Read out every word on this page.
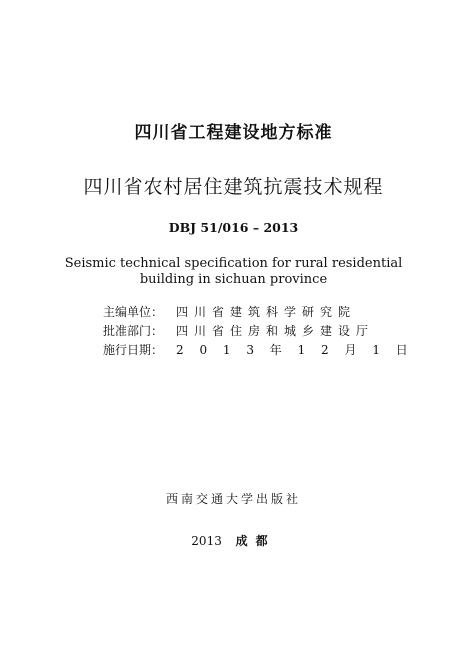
四川省工程建设地方标准
四川省农村居住建筑抗震技术规程
DBJ 51/016 – 2013
Seismic technical specification for rural residential
building in sichuan province
主编单位：	四川省建筑科学研究院
批准部门：	四川省住房和城乡建设厅
施行日期：	2 0 1 3 年 1 2 月 1 日
西南交通大学出版社
2013 成都
